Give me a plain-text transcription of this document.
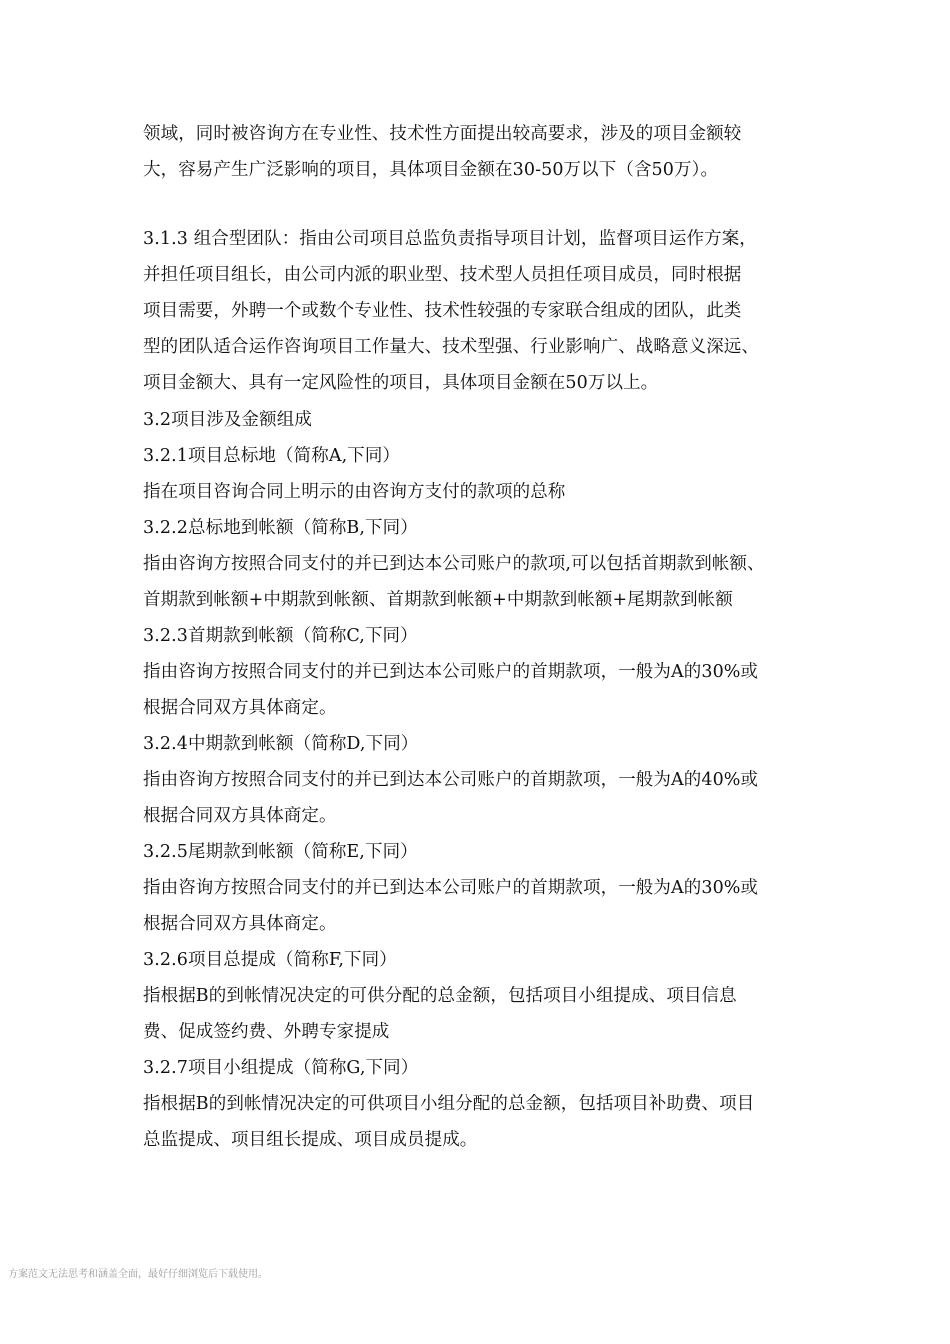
领域，同时被咨询方在专业性、技术性方面提出较高要求，涉及的项目金额较
大，容易产生广泛影响的项目，具体项目金额在30-50万以下（含50万）。
3.1.3 组合型团队：指由公司项目总监负责指导项目计划，监督项目运作方案，
并担任项目组长，由公司内派的职业型、技术型人员担任项目成员，同时根据
项目需要，外聘一个或数个专业性、技术性较强的专家联合组成的团队，此类
型的团队适合运作咨询项目工作量大、技术型强、行业影响广、战略意义深远、
项目金额大、具有一定风险性的项目，具体项目金额在50万以上。
3.2项目涉及金额组成
3.2.1项目总标地（简称A,下同）
指在项目咨询合同上明示的由咨询方支付的款项的总称
3.2.2总标地到帐额（简称B,下同）
指由咨询方按照合同支付的并已到达本公司账户的款项,可以包括首期款到帐额、
首期款到帐额+中期款到帐额、首期款到帐额+中期款到帐额+尾期款到帐额
3.2.3首期款到帐额（简称C,下同）
指由咨询方按照合同支付的并已到达本公司账户的首期款项，一般为A的30%或
根据合同双方具体商定。
3.2.4中期款到帐额（简称D,下同）
指由咨询方按照合同支付的并已到达本公司账户的首期款项，一般为A的40%或
根据合同双方具体商定。
3.2.5尾期款到帐额（简称E,下同）
指由咨询方按照合同支付的并已到达本公司账户的首期款项，一般为A的30%或
根据合同双方具体商定。
3.2.6项目总提成（简称F,下同）
指根据B的到帐情况决定的可供分配的总金额，包括项目小组提成、项目信息
费、促成签约费、外聘专家提成
3.2.7项目小组提成（简称G,下同）
指根据B的到帐情况决定的可供项目小组分配的总金额，包括项目补助费、项目
总监提成、项目组长提成、项目成员提成。
方案范文无法思考和涵盖全面，最好仔细浏览后下载使用。
